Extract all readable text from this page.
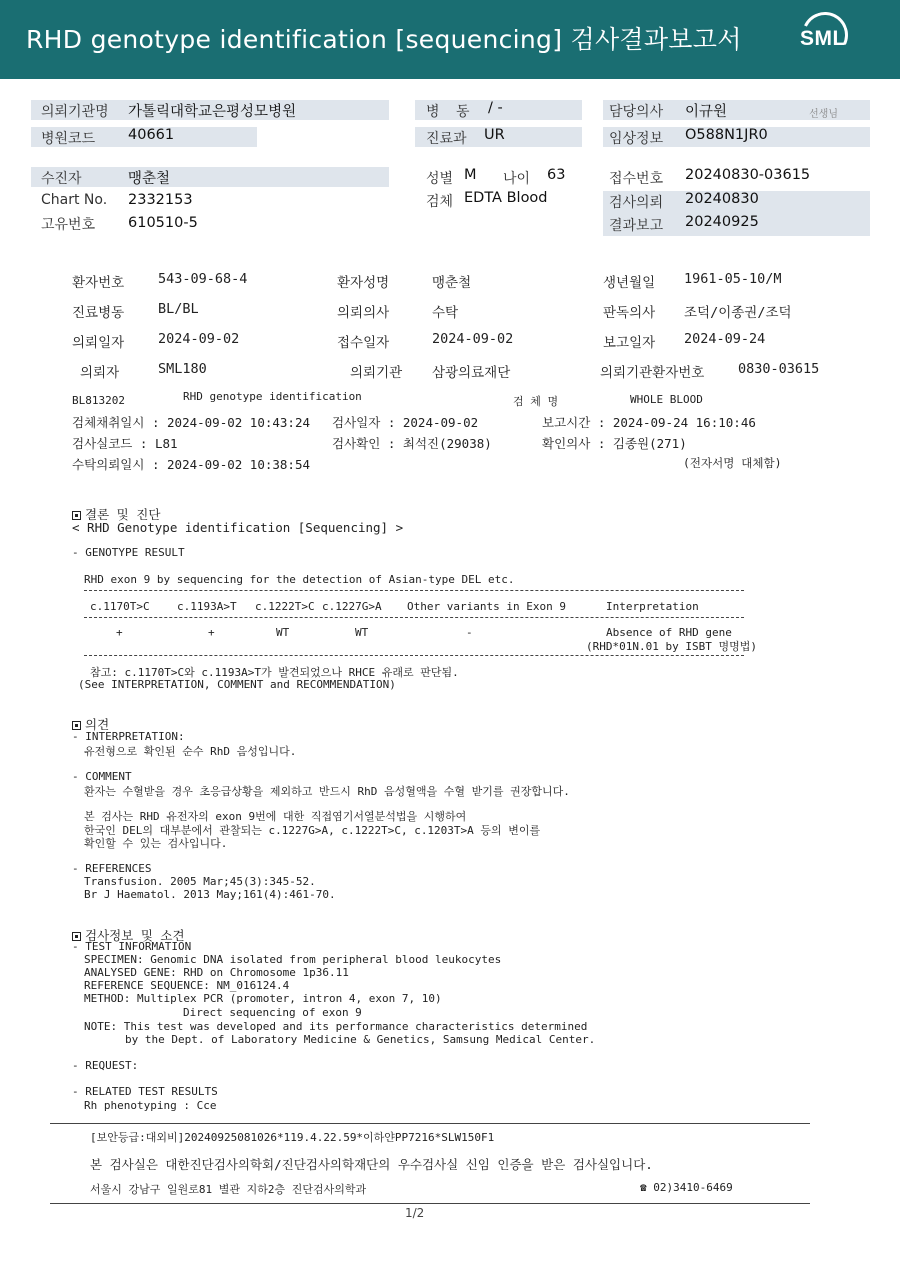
RHD genotype identification [sequencing] 검사결과보고서	SML
의뢰기관명 가톨릭대학교은평성모병원	병 동 / -	담당의사 이규원	선생님
병원코드 40661	진료과 UR	임상정보 O588N1JR0
수진자	맹춘철	성별 M 나이 63	접수번호 20240830-03615
Chart No. 2332153	검체 EDTA Blood	검사의뢰 20240830
고유번호 610510-5	결과보고 20240925
환자번호	543-09-68-4	환자성명	맹춘철	생년월일 1961-05-10/M
진료병동	BL/BL	의뢰의사	수탁	판독의사 조덕/이종권/조덕
의뢰일자	2024-09-02	접수일자	2024-09-02	보고일자 2024-09-24
의뢰자	SML180	의뢰기관 삼광의료재단	의뢰기관환자번호 0830-03615
BL813202	RHD genotype identification	검 체 명	WHOLE BLOOD
검체채취일시 : 2024-09-02 10:43:24 검사일자 : 2024-09-02	보고시간 : 2024-09-24 16:10:46
검사실코드 : L81	검사확인 : 최석진(29038)	확인의사 : 김종원(271)
수탁의뢰일시 : 2024-09-02 10:38:54	(전자서명 대체함)
결론 및 진단
< RHD Genotype identification [Sequencing] >
- GENOTYPE RESULT
RHD exon 9 by sequencing for the detection of Asian-type DEL etc.
c.1170T>C c.1193A>T c.1222T>C c.1227G>A Other variants in Exon 9	Interpretation
+	+	WT	WT	-	Absence of RHD gene
(RHD*01N.01 by ISBT 명명법)
참고: c.1170T>C와 c.1193A>T가 발견되었으나 RHCE 유래로 판단됨.
(See INTERPRETATION, COMMENT and RECOMMENDATION)
의견
- INTERPRETATION:
유전형으로 확인된 순수 RhD 음성입니다.
- COMMENT
환자는 수혈받을 경우 초응급상황을 제외하고 반드시 RhD 음성혈액을 수혈 받기를 권장합니다.
본 검사는 RHD 유전자의 exon 9번에 대한 직접염기서열분석법을 시행하여
한국인 DEL의 대부분에서 관찰되는 c.1227G>A, c.1222T>C, c.1203T>A 등의 변이를
확인할 수 있는 검사입니다.
- REFERENCES
Transfusion. 2005 Mar;45(3):345-52.
Br J Haematol. 2013 May;161(4):461-70.
검사정보 및 소견
- TEST INFORMATION
SPECIMEN: Genomic DNA isolated from peripheral blood leukocytes
ANALYSED GENE: RHD on Chromosome 1p36.11
REFERENCE SEQUENCE: NM_016124.4
METHOD: Multiplex PCR (promoter, intron 4, exon 7, 10)
Direct sequencing of exon 9
NOTE: This test was developed and its performance characteristics determined
by the Dept. of Laboratory Medicine & Genetics, Samsung Medical Center.
- REQUEST:
- RELATED TEST RESULTS
Rh phenotyping : Cce
[보안등급:대외비]20240925081026*119.4.22.59*이하얀PP7216*SLW150F1
본 검사실은 대한진단검사의학회/진단검사의학재단의 우수검사실 신임 인증을 받은 검사실입니다.
서울시 강남구 일원로81 별관 지하2층 진단검사의학과	☎ 02)3410-6469
1/2
